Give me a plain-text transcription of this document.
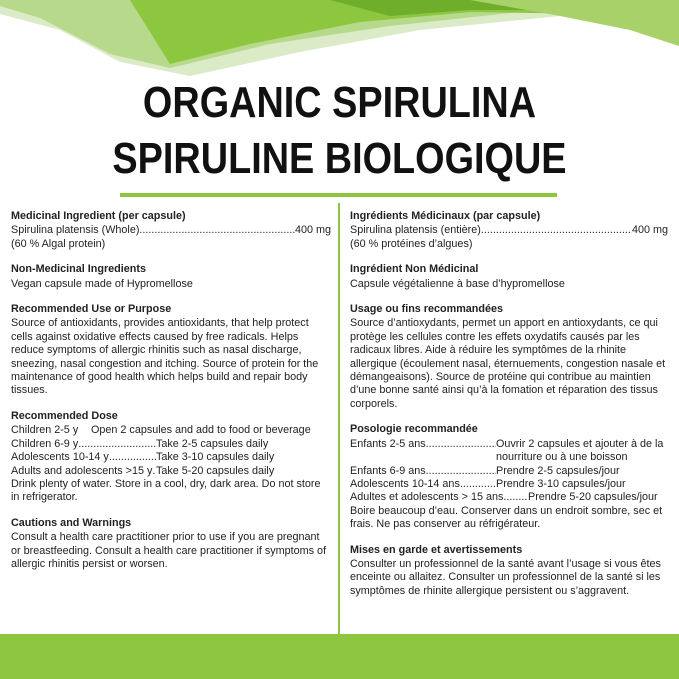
ORGANIC SPIRULINA
SPIRULINE BIOLOGIQUE
Medicinal Ingredient (per capsule)
Spirulina platensis (Whole) .....	400 mg
(60 % Algal protein)
Non-Medicinal Ingredients
Vegan capsule made of Hypromellose
Recommended Use or Purpose
Source of antioxidants, provides antioxidants, that help protect cells against oxidative effects caused by free radicals. Helps reduce symptoms of allergic rhinitis such as nasal discharge, sneezing, nasal congestion and itching. Source of protein for the maintenance of good health which helps build and repair body tissues.
Recommended Dose
Children 2-5 y	Open 2 capsules and add to food or beverage
Children 6-9 y .....	Take 2-5 capsules daily
Adolescents 10-14 y .....	Take 3-10 capsules daily
Adults and adolescents >15 y ..... Take 5-20 capsules daily
Drink plenty of water. Store in a cool, dry, dark area. Do not store in refrigerator.
Cautions and Warnings
Consult a health care practitioner prior to use if you are pregnant or breastfeeding. Consult a health care practitioner if symptoms of allergic rhinitis persist or worsen.
Ingrédients Médicinaux (par capsule)
Spirulina platensis (entière) .....	400 mg
(60 % protéines d’algues)
Ingrédient Non Médicinal
Capsule végétalienne à base d’hypromellose
Usage ou fins recommandées
Source d’antioxydants, permet un apport en antioxydants, ce qui protège les cellules contre les effets oxydatifs causés par les radicaux libres. Aide à réduire les symptômes de la rhinite allergique (écoulement nasal, éternuements, congestion nasale et démangeaisons). Source de protéine qui contribue au maintien d’une bonne santé ainsi qu’à la fomation et réparation des tissus corporels.
Posologie recommandée
Enfants 2-5 ans .....	Ouvrir 2 capsules et ajouter à de la
nourriture ou à une boisson
Enfants 6-9 ans .....	Prendre 2-5 capsules/jour
Adolescents 10-14 ans .....	Prendre 3-10 capsules/jour
Adultes et adolescents > 15 ans ..... Prendre 5-20 capsules/jour
Boire beaucoup d’eau. Conserver dans un endroit sombre, sec et frais. Ne pas conserver au réfrigérateur.
Mises en garde et avertissements
Consulter un professionnel de la santé avant l’usage si vous êtes enceinte ou allaitez. Consulter un professionnel de la santé si les symptômes de rhinite allergique persistent ou s’aggravent.
